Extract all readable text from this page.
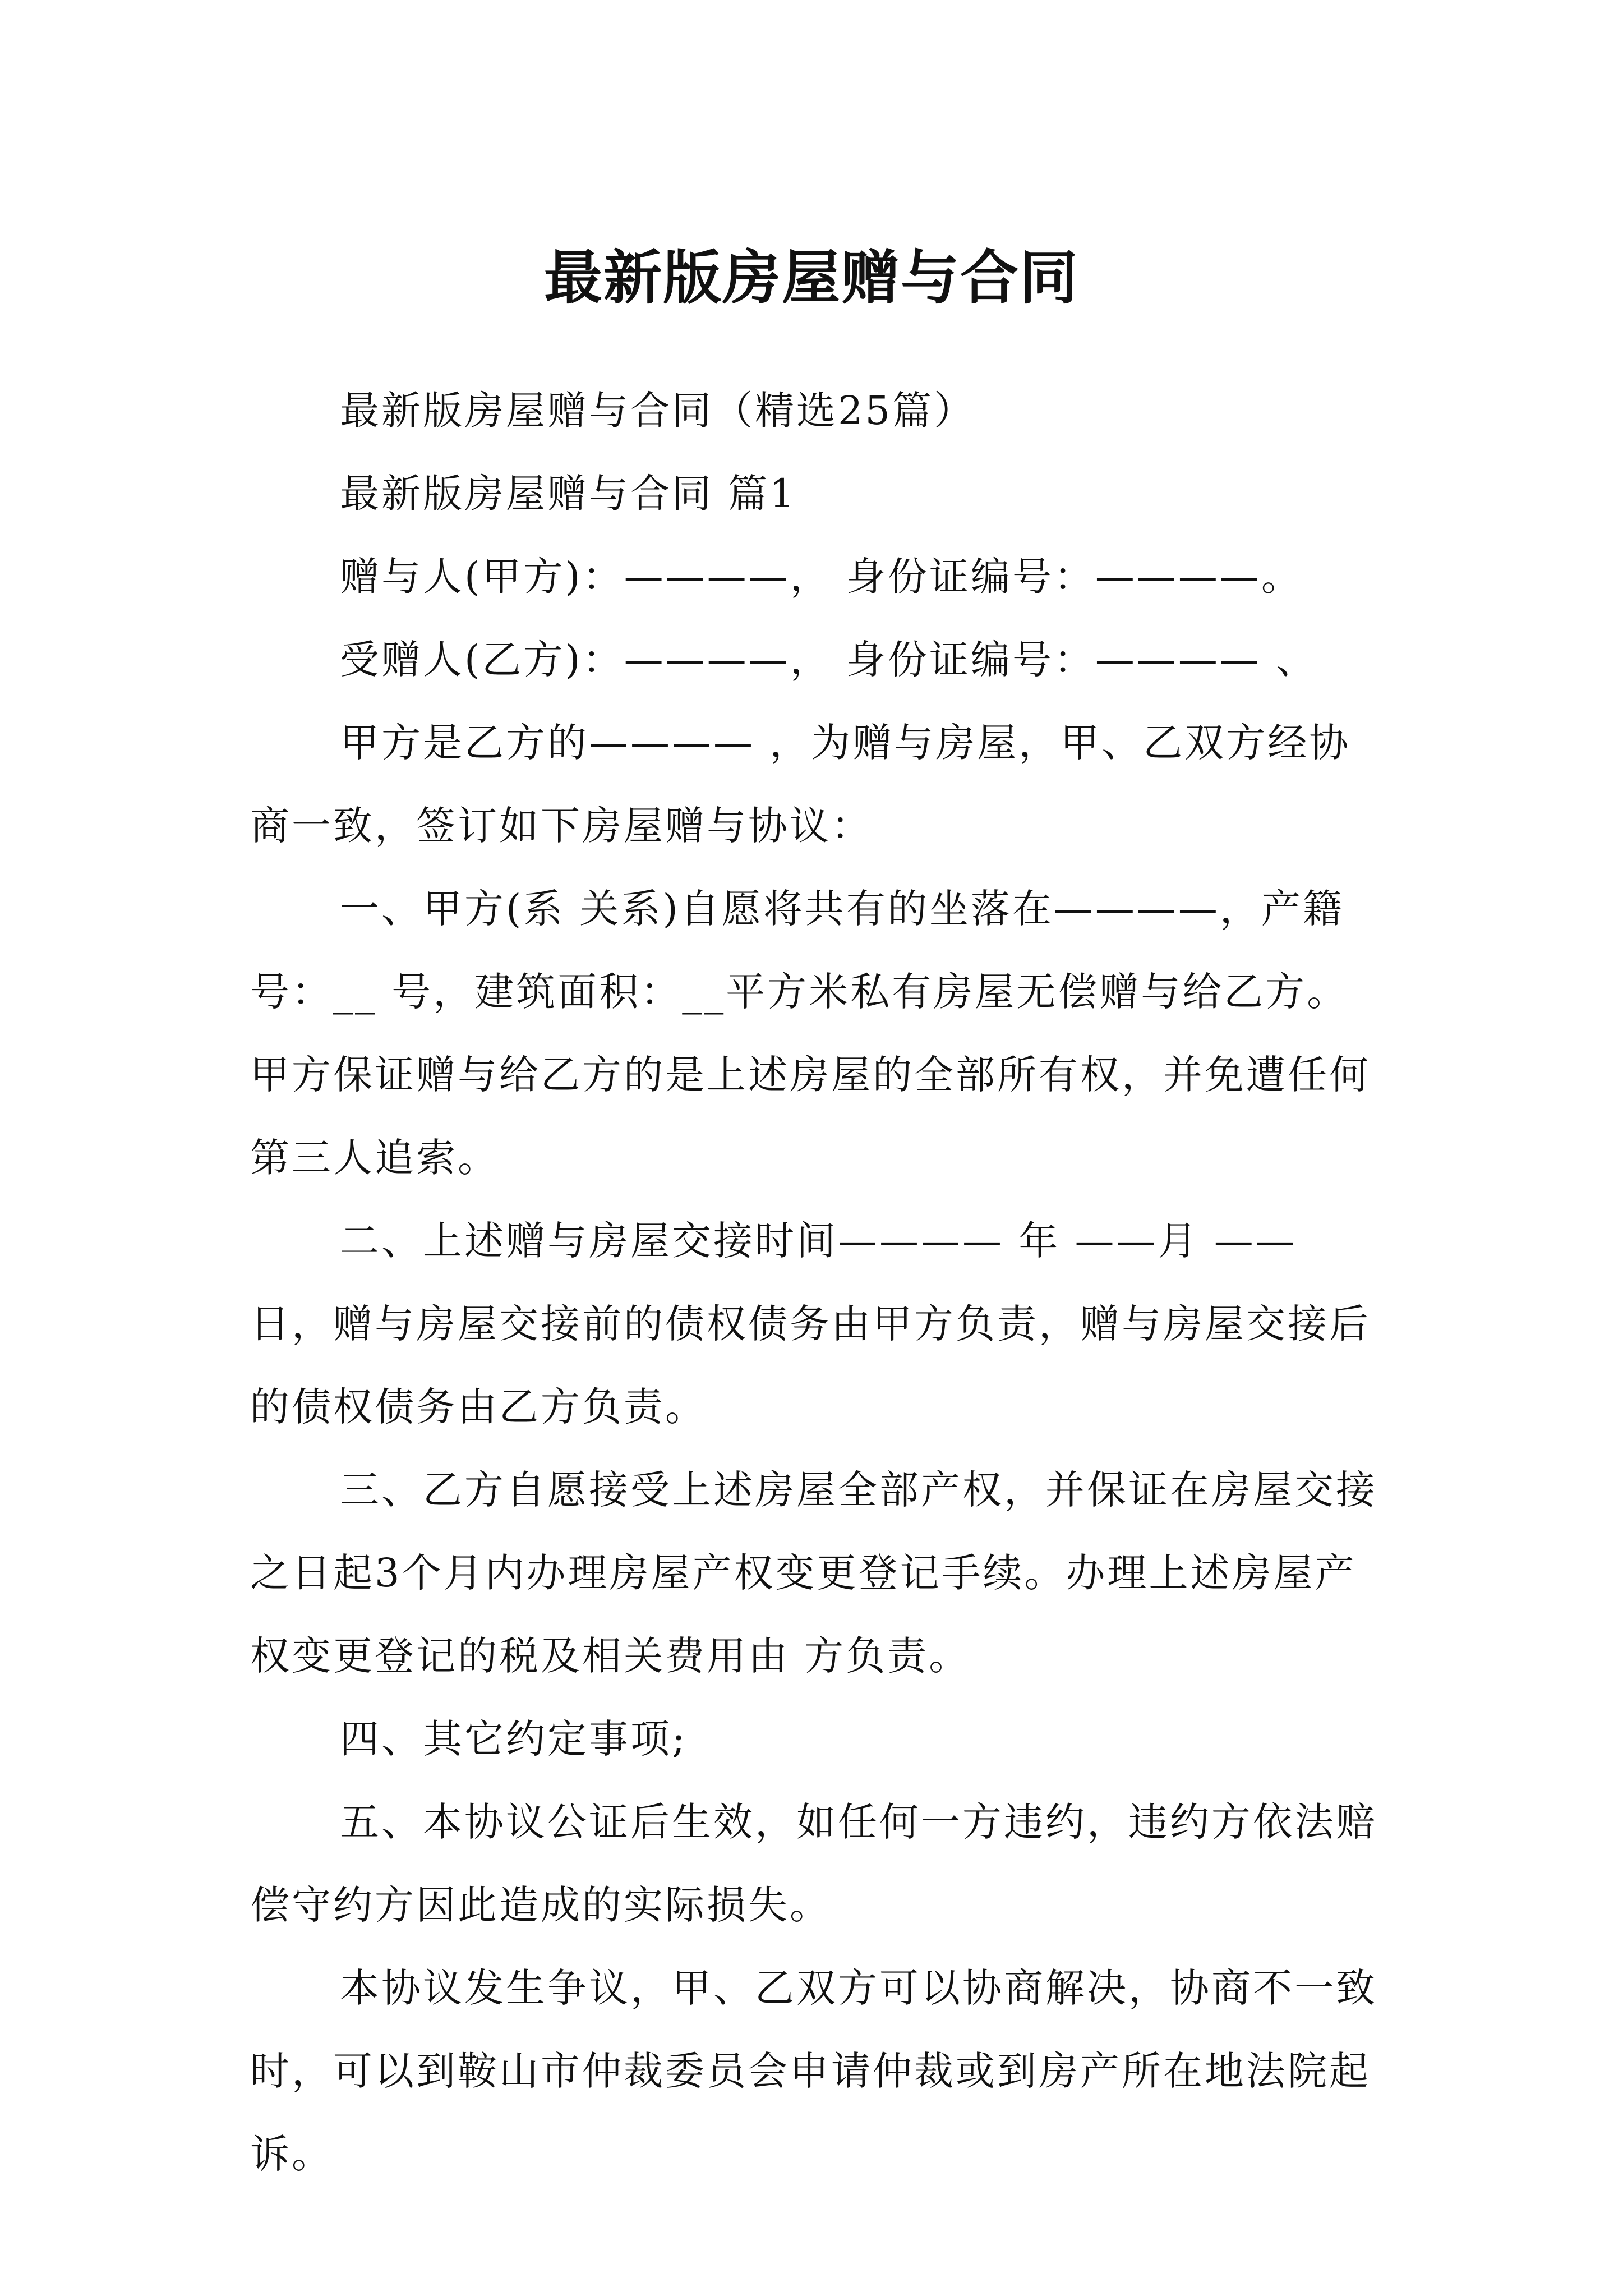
最新版房屋赠与合同

最新版房屋赠与合同（精选25篇）

最新版房屋赠与合同 篇1

赠与人(甲方)：————， 身份证编号：————。

受赠人(乙方)：————， 身份证编号：———— 、

甲方是乙方的———— ，为赠与房屋，甲、乙双方经协商一致，签订如下房屋赠与协议：

一、甲方(系 关系)自愿将共有的坐落在————，产籍号：__ 号，建筑面积：__平方米私有房屋无偿赠与给乙方。甲方保证赠与给乙方的是上述房屋的全部所有权，并免遭任何第三人追索。

二、上述赠与房屋交接时间———— 年 ——月 ——日，赠与房屋交接前的债权债务由甲方负责，赠与房屋交接后的债权债务由乙方负责。

三、乙方自愿接受上述房屋全部产权，并保证在房屋交接之日起3个月内办理房屋产权变更登记手续。办理上述房屋产权变更登记的税及相关费用由 方负责。

四、其它约定事项;

五、本协议公证后生效，如任何一方违约，违约方依法赔偿守约方因此造成的实际损失。

本协议发生争议，甲、乙双方可以协商解决，协商不一致时，可以到鞍山市仲裁委员会申请仲裁或到房产所在地法院起诉。
